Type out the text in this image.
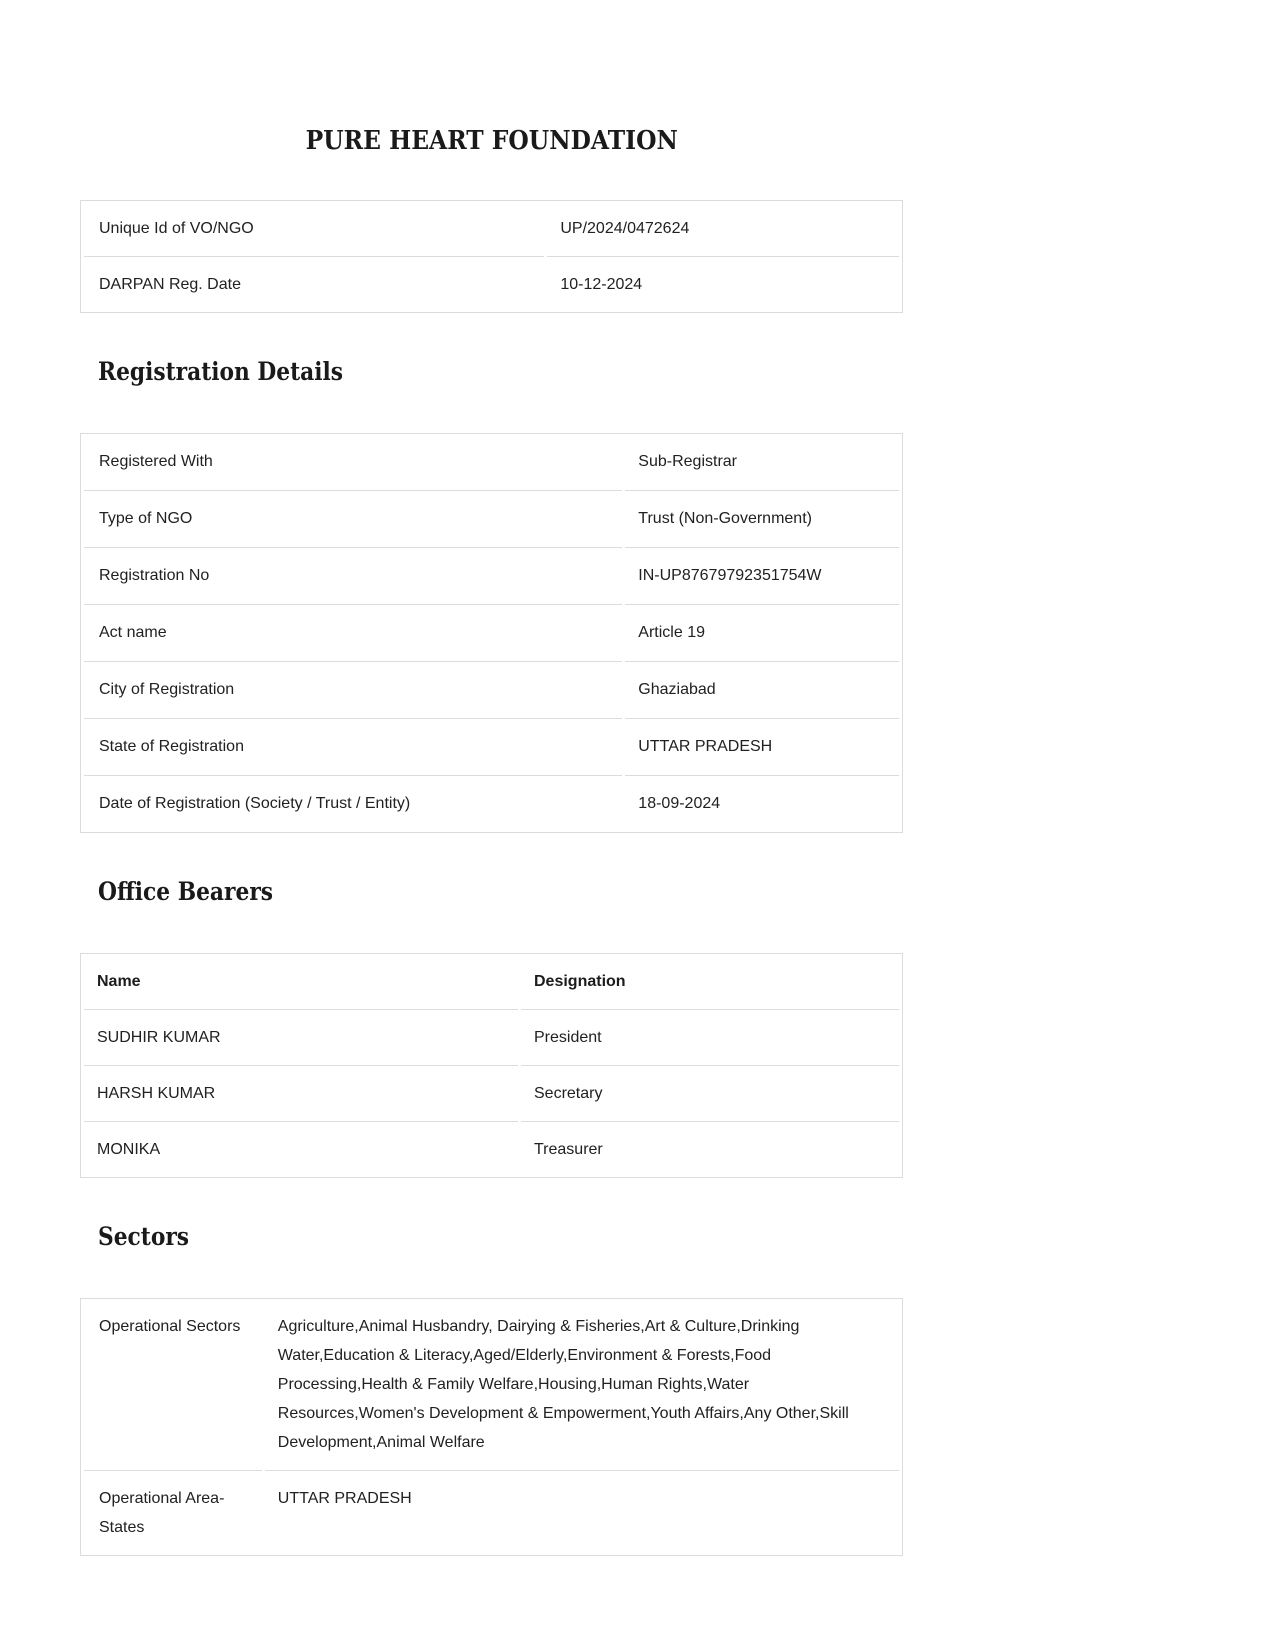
PURE HEART FOUNDATION
Unique Id of VO/NGO	UP/2024/0472624
DARPAN Reg. Date	10-12-2024
Registration Details
Registered With	Sub-Registrar
Type of NGO	Trust (Non-Government)
Registration No	IN-UP87679792351754W
Act name	Article 19
City of Registration	Ghaziabad
State of Registration	UTTAR PRADESH
Date of Registration (Society / Trust / Entity)	18-09-2024
Office Bearers
Name	Designation
SUDHIR KUMAR	President
HARSH KUMAR	Secretary
MONIKA	Treasurer
Sectors
Operational Sectors	Agriculture,Animal Husbandry, Dairying & Fisheries,Art & Culture,Drinking Water,Education & Literacy,Aged/Elderly,Environment & Forests,Food Processing,Health & Family Welfare,Housing,Human Rights,Water Resources,Women's Development & Empowerment,Youth Affairs,Any Other,Skill Development,Animal Welfare
Operational Area-States	UTTAR PRADESH
